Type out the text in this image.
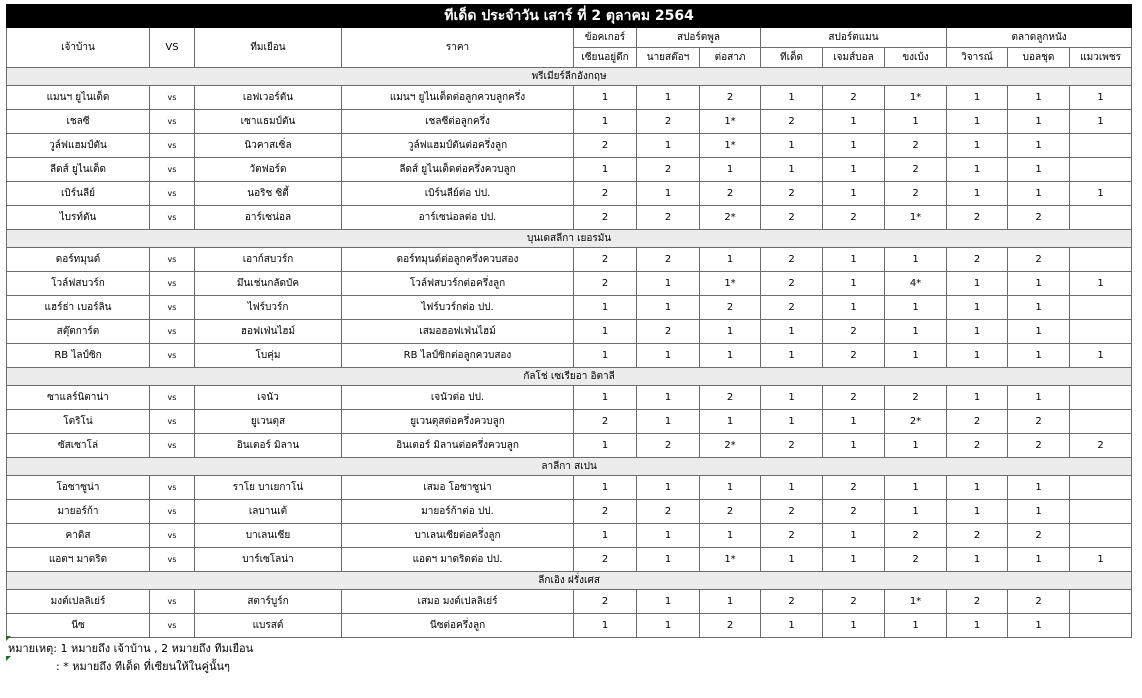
ทีเด็ด ประจำวัน เสาร์ ที่ 2 ตุลาคม 2564												
เจ้าบ้าน	VS	ทีมเยือน	ราคา	ข้อคเกอร์	สปอร์ตพูล		สปอร์ตแมน			ตลาดลูกหนัง		
				เซียนอยู่ดึก	นายสต๊อฯ	ต่อสาภ	ทีเด็ด	เจมส์บอล	ขงเบ้ง	วิจารณ์	บอลชุด	แมวเพชร
พรีเมียร์ลีกอังกฤษ												
แมนฯ ยูไนเต็ด	vs	เอฟเวอร์ตัน	แมนฯ ยูไนเต็ดต่อลูกควบลูกครึ่ง	1	1	2	1	2	1*	1	1	1
เชลซี	vs	เซาแธมป์ตัน	เชลซีต่อลูกครึ่ง	1	2	1*	2	1	1	1	1	1
วูล์ฟแฮมป์ตัน	vs	นิวคาสเซิ่ล	วูล์ฟแฮมป์ตันต่อครึ่งลูก	2	1	1*	1	1	2	1	1	
ลีดส์ ยูไนเต็ด	vs	วัตฟอร์ด	ลีดส์ ยูไนเต็ดต่อครึ่งควบลูก	1	2	1	1	1	2	1	1	
เบิร์นลีย์	vs	นอริช ซิตี้	เบิร์นลีย์ต่อ ปป.	2	1	2	2	1	2	1	1	1
ไบรท์ตัน	vs	อาร์เซน่อล	อาร์เซน่อลต่อ ปป.	2	2	2*	2	2	1*	2	2	
บุนเดสลีกา เยอรมัน												
ดอร์ทมุนด์	vs	เอาก์สบวร์ก	ดอร์ทมุนด์ต่อลูกครึ่งควบสอง	2	2	1	2	1	1	2	2	
โวล์ฟสบวร์ก	vs	มึนเช่นกลัดบัค	โวล์ฟสบวร์กต่อครึ่งลูก	2	1	1*	2	1	4*	1	1	1
แฮร์ธ่า เบอร์ลิน	vs	ไฟร์บวร์ก	ไฟร์บวร์กต่อ ปป.	1	1	2	2	1	1	1	1	
สตุ๊ตการ์ต	vs	ฮอฟเฟ่นไฮม์	เสมอฮอฟเฟ่นไฮม์	1	2	1	1	2	1	1	1	
RB ไลป์ซิก	vs	โบคุ่ม	RB ไลป์ซิกต่อลูกควบสอง	1	1	1	1	2	1	1	1	1
กัลโช่ เซเรียอา อิตาลี												
ซาแลร์นิตาน่า	vs	เจนัว	เจนัวต่อ ปป.	1	1	2	1	2	2	1	1	
โตริโน่	vs	ยูเวนตุส	ยูเวนตุสต่อครึ่งควบลูก	2	1	1	1	1	2*	2	2	
ซัสเซาโล่	vs	อินเตอร์ มิลาน	อินเตอร์ มิลานต่อครึ่งควบลูก	1	2	2*	2	1	1	2	2	2
ลาลีกา สเปน												
โอซาซูน่า	vs	ราโย บาเยกาโน่	เสมอ โอซาซูน่า	1	1	1	1	2	1	1	1	
มายอร์ก้า	vs	เลบานเต้	มายอร์ก้าต่อ ปป.	2	2	2	2	2	1	1	1	
คาดิส	vs	บาเลนเซีย	บาเลนเซียต่อครึ่งลูก	1	1	1	2	1	2	2	2	
แอตฯ มาดริด	vs	บาร์เซโลน่า	แอตฯ มาดริดต่อ ปป.	2	1	1*	1	1	2	1	1	1
ลีกเอิง ฝรั่งเศส												
มงต์เปลลิเย่ร์	vs	สตาร์บูร์ก	เสมอ มงต์เปลลิเย่ร์	2	1	1	2	2	1*	2	2	
นีซ	vs	แบรสต์	นีซต่อครึ่งลูก	1	1	2	1	1	1	1	1	
หมายเหตุ: 1 หมายถึง เจ้าบ้าน , 2 หมายถึง ทีมเยือน
: * หมายถึง ทีเด็ด ที่เซียนให้ในคู่นั้นๆ
